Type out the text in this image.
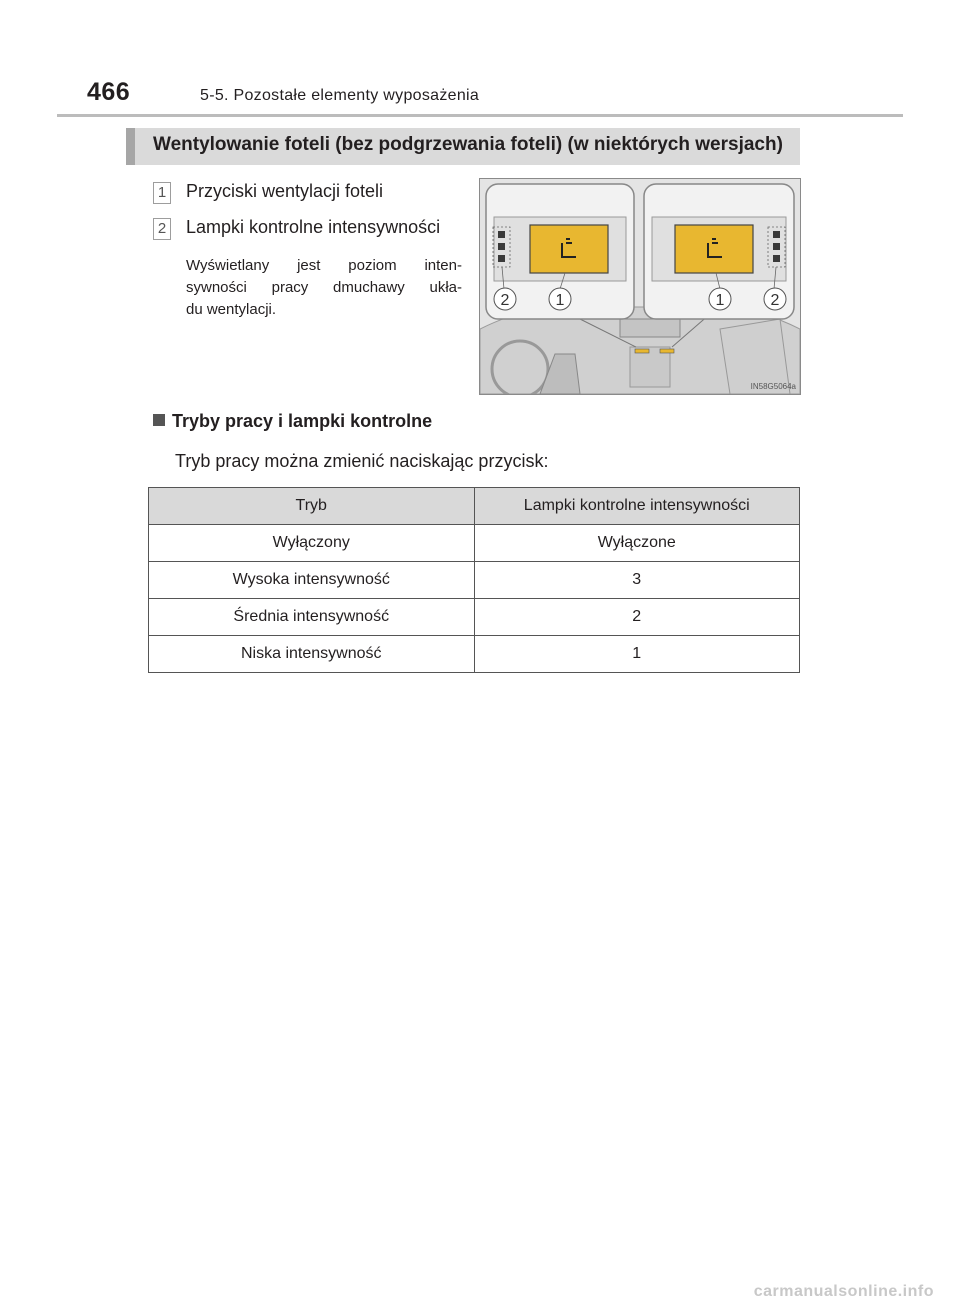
466	5-5. Pozostałe elementy wyposażenia
Wentylowanie foteli (bez podgrzewania foteli) (w niektórych wersjach)
1 Przyciski wentylacji foteli
2 Lampki kontrolne intensywności
Wyświetlany jest poziom inten-
sywności pracy dmuchawy ukła-
du wentylacji.
2	1	1	2
IN58G5064a
Tryby pracy i lampki kontrolne
Tryb pracy można zmienić naciskając przycisk:
Tryb	Lampki kontrolne intensywności
Wyłączony	Wyłączone
Wysoka intensywność	3
Średnia intensywność	2
Niska intensywność	1
carmanualsonline.info
